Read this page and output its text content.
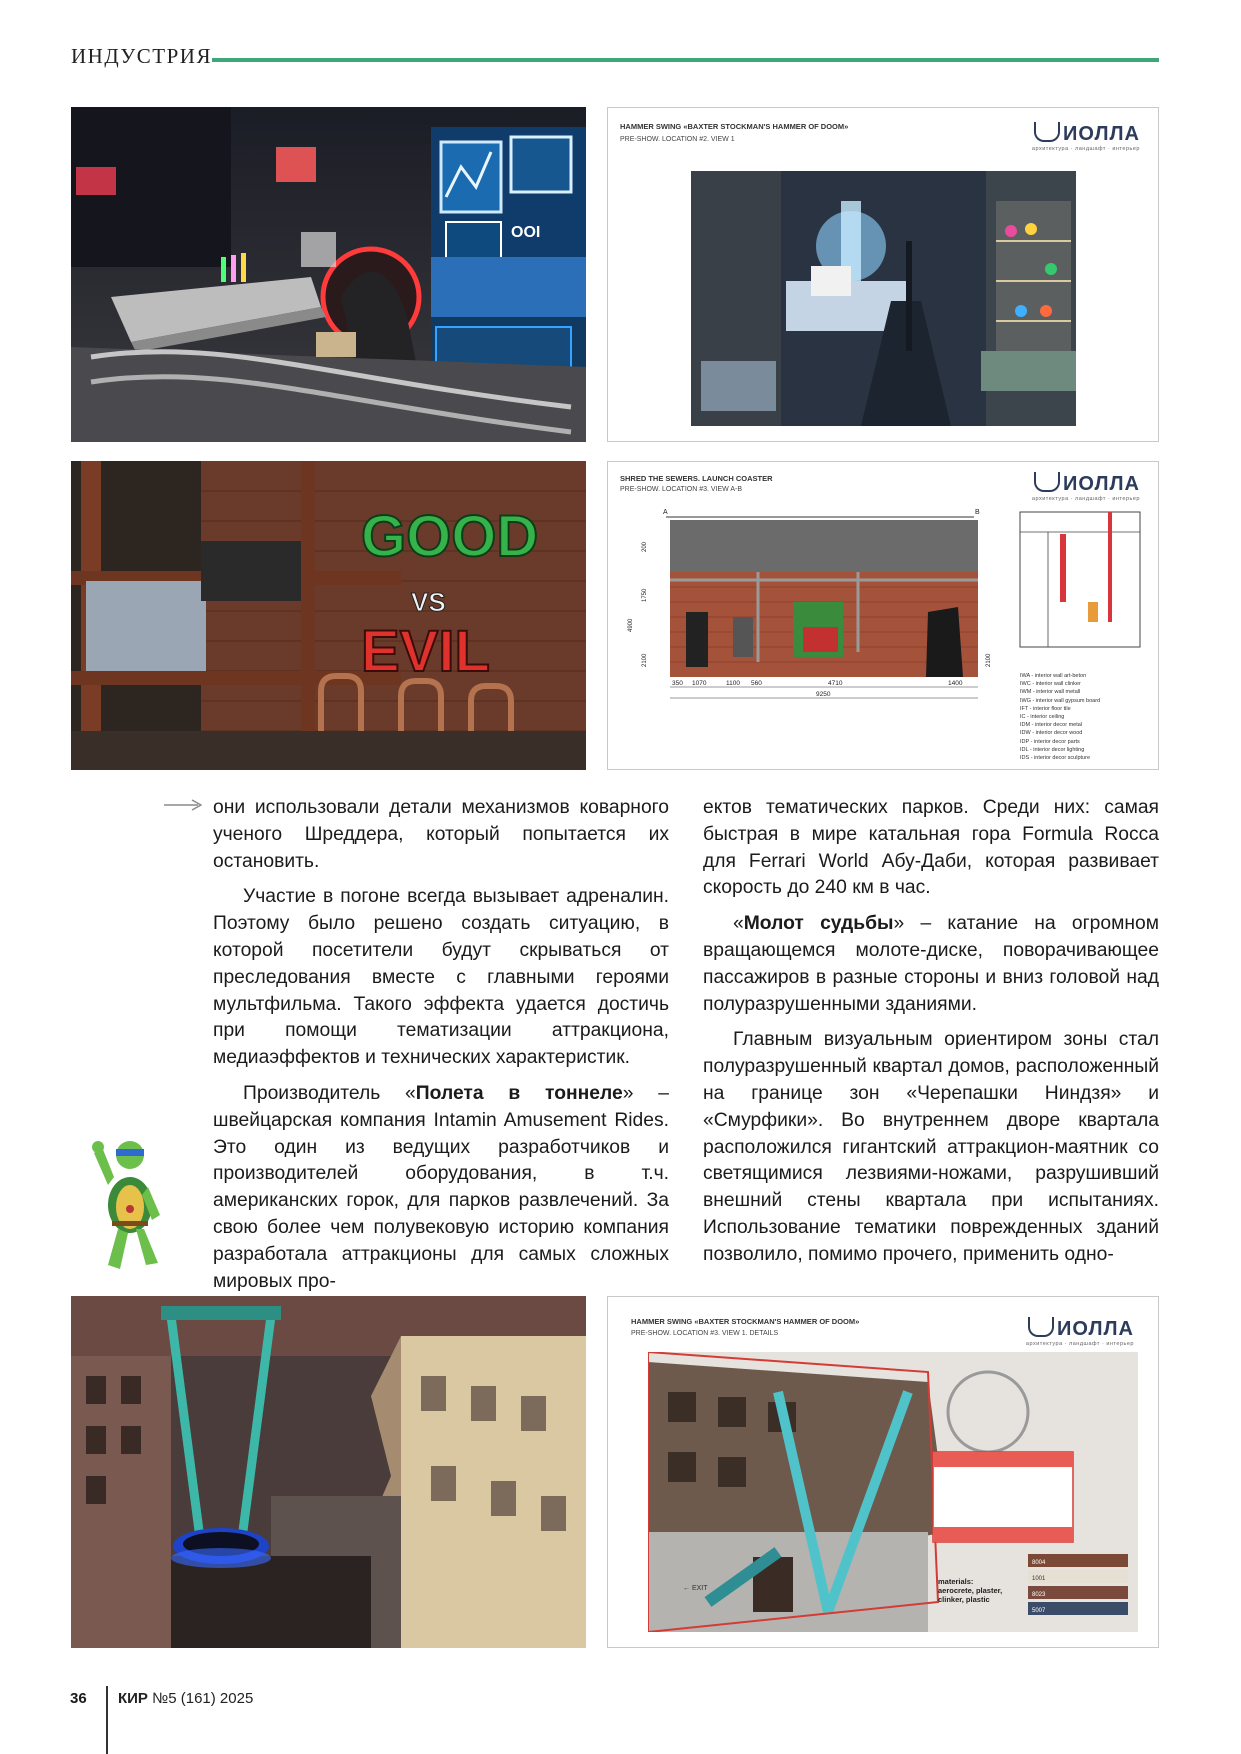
ИНДУСТРИЯ
OOI
HAMMER SWING «BAXTER STOCKMAN'S HAMMER OF DOOM»
PRE-SHOW. LOCATION #2. VIEW 1	ИОЛЛА
архитектура · ландшафт · интерьер
GOOD
VS
EVIL
SHRED THE SEWERS. LAUNCH COASTER
PRE-SHOW. LOCATION #3. VIEW A-B	ИОЛЛА
архитектура · ландшафт · интерьер
A	B
350 1070	1100 560	4710	1400
9250
200
4900
1750
2100	2100
IWA - interior wall art-beton
IWC - interior wall clinker
IWM - interior wall metall
IWG - interior wall gypsum board
IFT - interior floor tile
IC - interior ceiling
IDM - interior decor metal
IDW - interior decor wood
IDP - interior decor parts
IDL - interior decor lighting
IDS - interior decor sculpture

они использовали детали механизмов коварного ученого Шреддера, который попытается их остановить.

Участие в погоне всегда вызывает адреналин. Поэтому было решено создать ситуацию, в которой посетители будут скрываться от преследования вместе с главными героями мультфильма. Такого эффекта удается достичь при помощи тематизации аттракциона, медиаэффектов и технических характеристик.

Производитель «Полета в тоннеле» – швейцарская компания Intamin Amusement Rides. Это один из ведущих разработчиков и производителей оборудования, в т.ч. американских горок, для парков развлечений. За свою более чем полувековую историю компания разработала аттракционы для самых сложных мировых про-

ектов тематических парков. Среди них: самая быстрая в мире катальная гора Formula Rocca для Ferrari World Абу-Даби, которая развивает скорость до 240 км в час.

«Молот судьбы» – катание на огромном вращающемся молоте-диске, поворачивающее пассажиров в разные стороны и вниз головой над полуразрушенными зданиями.

Главным визуальным ориентиром зоны стал полуразрушенный квартал домов, расположенный на границе зон «Черепашки Ниндзя» и «Смурфики». Во внутреннем дворе квартала расположился гигантский аттракцион-маятник со светящимися лезвиями-ножами, разрушивший внешний стены квартала при испытаниях. Использование тематики поврежденных зданий позволило, помимо прочего, применить одно-

HAMMER SWING «BAXTER STOCKMAN'S HAMMER OF DOOM»
PRE-SHOW. LOCATION #3. VIEW 1. DETAILS	ИОЛЛА
архитектура · ландшафт · интерьер
← EXIT
8004
1001
8023
5007
materials: aerocrete, plaster, clinker, plastic
36 КИР №5 (161) 2025
